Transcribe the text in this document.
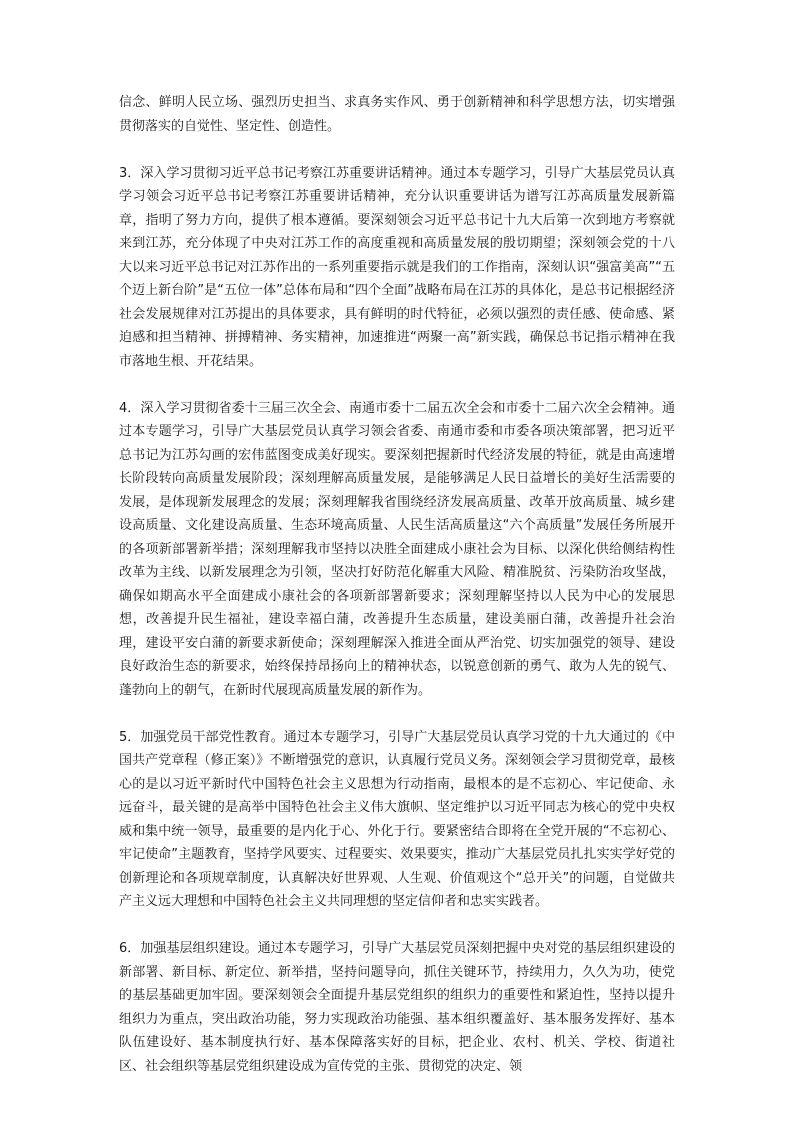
信念、鲜明人民立场、强烈历史担当、求真务实作风、勇于创新精神和科学思想方法，切实增强贯彻落实的自觉性、坚定性、创造性。

3．深入学习贯彻习近平总书记考察江苏重要讲话精神。通过本专题学习，引导广大基层党员认真学习领会习近平总书记考察江苏重要讲话精神，充分认识重要讲话为谱写江苏高质量发展新篇章，指明了努力方向，提供了根本遵循。要深刻领会习近平总书记十九大后第一次到地方考察就来到江苏，充分体现了中央对江苏工作的高度重视和高质量发展的殷切期望；深刻领会党的十八大以来习近平总书记对江苏作出的一系列重要指示就是我们的工作指南，深刻认识“强富美高”“五个迈上新台阶”是“五位一体”总体布局和“四个全面”战略布局在江苏的具体化，是总书记根据经济社会发展规律对江苏提出的具体要求，具有鲜明的时代特征，必须以强烈的责任感、使命感、紧迫感和担当精神、拼搏精神、务实精神，加速推进“两聚一高”新实践，确保总书记指示精神在我市落地生根、开花结果。

4．深入学习贯彻省委十三届三次全会、南通市委十二届五次全会和市委十二届六次全会精神。通过本专题学习，引导广大基层党员认真学习领会省委、南通市委和市委各项决策部署，把习近平总书记为江苏勾画的宏伟蓝图变成美好现实。要深刻把握新时代经济发展的特征，就是由高速增长阶段转向高质量发展阶段；深刻理解高质量发展，是能够满足人民日益增长的美好生活需要的发展，是体现新发展理念的发展；深刻理解我省围绕经济发展高质量、改革开放高质量、城乡建设高质量、文化建设高质量、生态环境高质量、人民生活高质量这“六个高质量”发展任务所展开的各项新部署新举措；深刻理解我市坚持以决胜全面建成小康社会为目标、以深化供给侧结构性改革为主线、以新发展理念为引领，坚决打好防范化解重大风险、精准脱贫、污染防治攻坚战，确保如期高水平全面建成小康社会的各项新部署新要求；深刻理解坚持以人民为中心的发展思想，改善提升民生福祉，建设幸福白蒲，改善提升生态质量，建设美丽白蒲，改善提升社会治理，建设平安白蒲的新要求新使命；深刻理解深入推进全面从严治党、切实加强党的领导、建设良好政治生态的新要求，始终保持昂扬向上的精神状态，以锐意创新的勇气、敢为人先的锐气、蓬勃向上的朝气，在新时代展现高质量发展的新作为。

5．加强党员干部党性教育。通过本专题学习，引导广大基层党员认真学习党的十九大通过的《中国共产党章程（修正案）》不断增强党的意识，认真履行党员义务。深刻领会学习贯彻党章，最核心的是以习近平新时代中国特色社会主义思想为行动指南，最根本的是不忘初心、牢记使命、永远奋斗，最关键的是高举中国特色社会主义伟大旗帜、坚定维护以习近平同志为核心的党中央权威和集中统一领导，最重要的是内化于心、外化于行。要紧密结合即将在全党开展的“不忘初心、牢记使命”主题教育，坚持学风要实、过程要实、效果要实，推动广大基层党员扎扎实实学好党的创新理论和各项规章制度，认真解决好世界观、人生观、价值观这个“总开关”的问题，自觉做共产主义远大理想和中国特色社会主义共同理想的坚定信仰者和忠实实践者。

6．加强基层组织建设。通过本专题学习，引导广大基层党员深刻把握中央对党的基层组织建设的新部署、新目标、新定位、新举措，坚持问题导向，抓住关键环节，持续用力，久久为功，使党的基层基础更加牢固。要深刻领会全面提升基层党组织的组织力的重要性和紧迫性，坚持以提升组织力为重点，突出政治功能，努力实现政治功能强、基本组织覆盖好、基本服务发挥好、基本队伍建设好、基本制度执行好、基本保障落实好的目标，把企业、农村、机关、学校、街道社区、社会组织等基层党组织建设成为宣传党的主张、贯彻党的决定、领
